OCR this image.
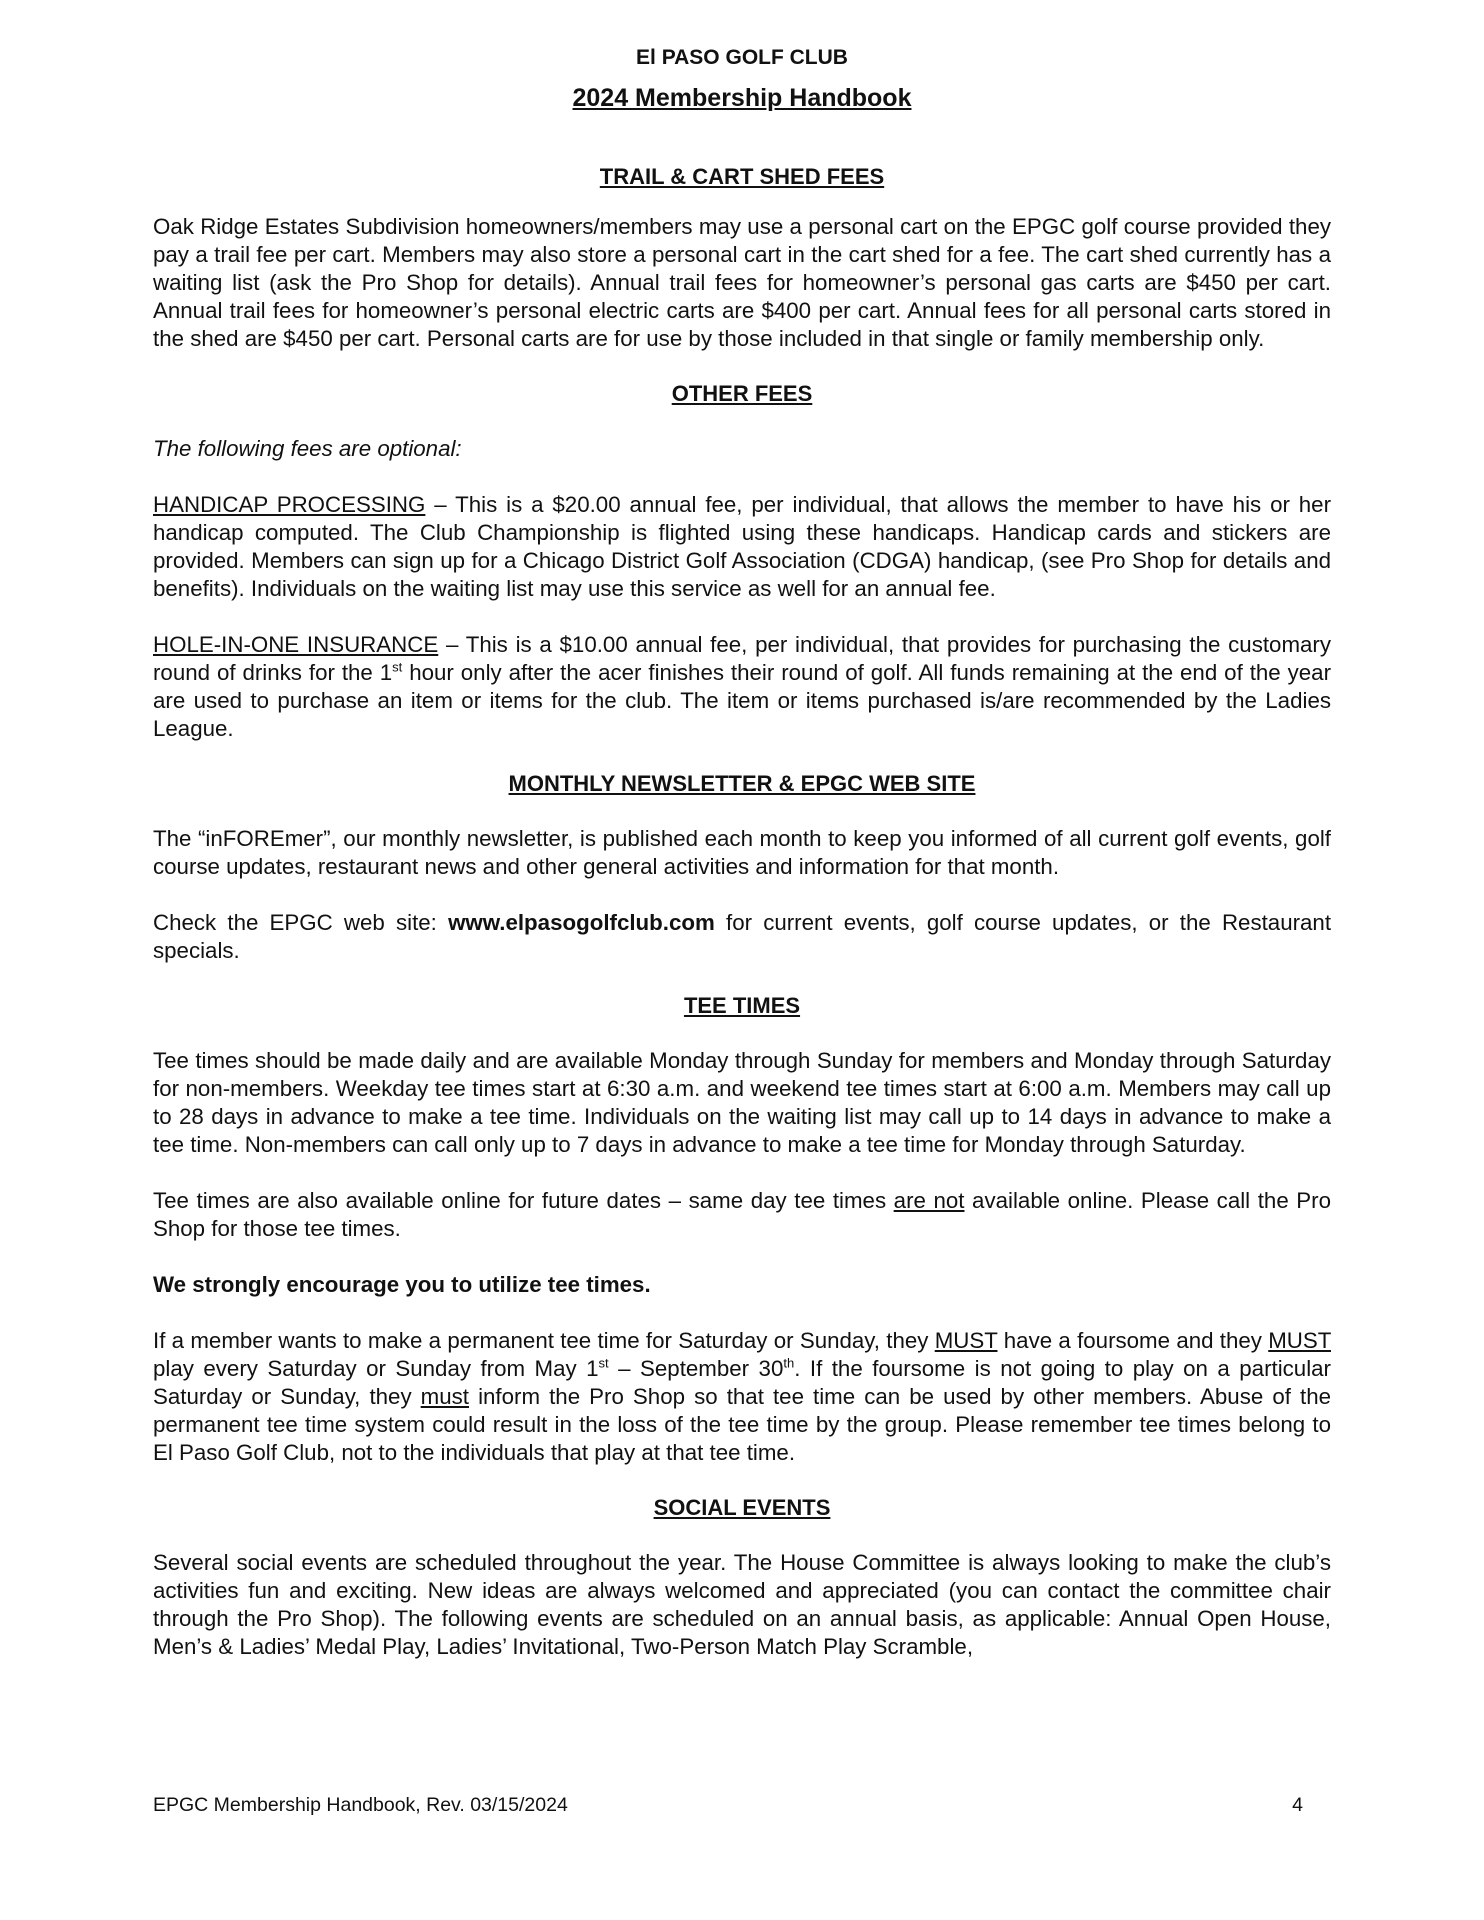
El PASO GOLF CLUB
2024 Membership Handbook
TRAIL & CART SHED FEES

Oak Ridge Estates Subdivision homeowners/members may use a personal cart on the EPGC golf course provided they pay a trail fee per cart. Members may also store a personal cart in the cart shed for a fee. The cart shed currently has a waiting list (ask the Pro Shop for details). Annual trail fees for homeowner’s personal gas carts are $450 per cart. Annual trail fees for homeowner’s personal electric carts are $400 per cart. Annual fees for all personal carts stored in the shed are $450 per cart. Personal carts are for use by those included in that single or family membership only.

OTHER FEES

The following fees are optional:

HANDICAP PROCESSING – This is a $20.00 annual fee, per individual, that allows the member to have his or her handicap computed. The Club Championship is flighted using these handicaps. Handicap cards and stickers are provided. Members can sign up for a Chicago District Golf Association (CDGA) handicap, (see Pro Shop for details and benefits). Individuals on the waiting list may use this service as well for an annual fee.

HOLE-IN-ONE INSURANCE – This is a $10.00 annual fee, per individual, that provides for purchasing the customary round of drinks for the 1st hour only after the acer finishes their round of golf. All funds remaining at the end of the year are used to purchase an item or items for the club. The item or items purchased is/are recommended by the Ladies League.

MONTHLY NEWSLETTER & EPGC WEB SITE

The “inFOREmer”, our monthly newsletter, is published each month to keep you informed of all current golf events, golf course updates, restaurant news and other general activities and information for that month.

Check the EPGC web site: www.elpasogolfclub.com for current events, golf course updates, or the Restaurant specials.

TEE TIMES

Tee times should be made daily and are available Monday through Sunday for members and Monday through Saturday for non-members. Weekday tee times start at 6:30 a.m. and weekend tee times start at 6:00 a.m. Members may call up to 28 days in advance to make a tee time. Individuals on the waiting list may call up to 14 days in advance to make a tee time. Non-members can call only up to 7 days in advance to make a tee time for Monday through Saturday.

Tee times are also available online for future dates – same day tee times are not available online. Please call the Pro Shop for those tee times.

We strongly encourage you to utilize tee times.

If a member wants to make a permanent tee time for Saturday or Sunday, they MUST have a foursome and they MUST play every Saturday or Sunday from May 1st – September 30th. If the foursome is not going to play on a particular Saturday or Sunday, they must inform the Pro Shop so that tee time can be used by other members. Abuse of the permanent tee time system could result in the loss of the tee time by the group. Please remember tee times belong to El Paso Golf Club, not to the individuals that play at that tee time.

SOCIAL EVENTS

Several social events are scheduled throughout the year. The House Committee is always looking to make the club’s activities fun and exciting. New ideas are always welcomed and appreciated (you can contact the committee chair through the Pro Shop). The following events are scheduled on an annual basis, as applicable: Annual Open House, Men’s & Ladies’ Medal Play, Ladies’ Invitational, Two-Person Match Play Scramble,

EPGC Membership Handbook, Rev. 03/15/2024	4
